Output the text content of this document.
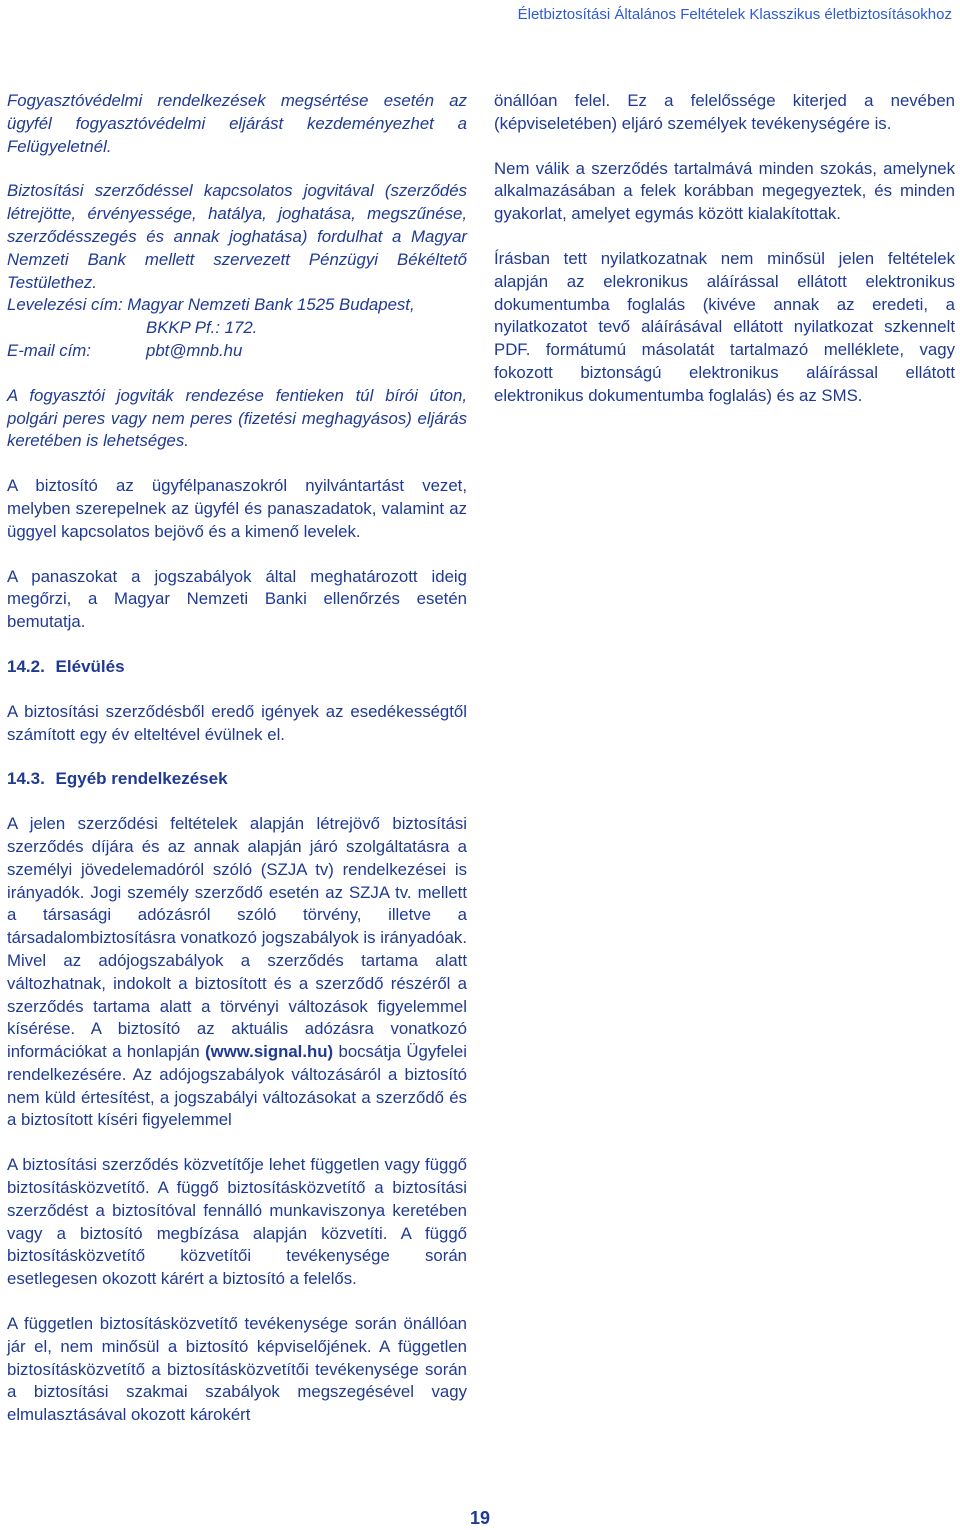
Életbiztosítási Általános Feltételek Klasszikus életbiztosításokhoz

Fogyasztóvédelmi rendelkezések megsértése esetén az ügyfél fogyasztóvédelmi eljárást kezdeményezhet a Felügyeletnél.

Biztosítási szerződéssel kapcsolatos jogvitával (szerződés létrejötte, érvényessége, hatálya, joghatása, megszűnése, szerződésszegés és annak joghatása) fordulhat a Magyar Nemzeti Bank mellett szervezett Pénzügyi Békéltető Testülethez.

Levelezési cím: Magyar Nemzeti Bank 1525 Budapest,

BKKP Pf.: 172.

E-mail cím:	pbt@mnb.hu

A fogyasztói jogviták rendezése fentieken túl bírói úton, polgári peres vagy nem peres (fizetési meghagyásos) eljárás keretében is lehetséges.

A biztosító az ügyfélpanaszokról nyilvántartást vezet, melyben szerepelnek az ügyfél és panaszadatok, valamint az üggyel kapcsolatos bejövő és a kimenő levelek.

A panaszokat a jogszabályok által meghatározott ideig megőrzi, a Magyar Nemzeti Banki ellenőrzés esetén bemutatja.

14.2. Elévülés

A biztosítási szerződésből eredő igények az esedékességtől számított egy év elteltével évülnek el.

14.3. Egyéb rendelkezések

A jelen szerződési feltételek alapján létrejövő biztosítási szerződés díjára és az annak alapján járó szolgáltatásra a személyi jövedelemadóról szóló (SZJA tv) rendelkezései is irányadók. Jogi személy szerződő esetén az SZJA tv. mellett a társasági adózásról szóló törvény, illetve a társadalombiztosításra vonatkozó jogszabályok is irányadóak. Mivel az adójogszabályok a szerződés tartama alatt változhatnak, indokolt a biztosított és a szerződő részéről a szerződés tartama alatt a törvényi változások figyelemmel kísérése. A biztosító az aktuális adózásra vonatkozó információkat a honlapján (www.signal.hu) bocsátja Ügyfelei rendelkezésére. Az adójogszabályok változásáról a biztosító nem küld értesítést, a jogszabályi változásokat a szerződő és a biztosított kíséri figyelemmel

A biztosítási szerződés közvetítője lehet független vagy függő biztosításközvetítő. A függő biztosításközvetítő a biztosítási szerződést a biztosítóval fennálló munkaviszonya keretében vagy a biztosító megbízása alapján közvetíti. A függő biztosításközvetítő közvetítői tevékenysége során esetlegesen okozott kárért a biztosító a felelős.

A független biztosításközvetítő tevékenysége során önállóan jár el, nem minősül a biztosító képviselőjének. A független biztosításközvetítő a biztosításközvetítői tevékenysége során a biztosítási szakmai szabályok megszegésével vagy elmulasztásával okozott károkért

önállóan felel. Ez a felelőssége kiterjed a nevében (képviseletében) eljáró személyek tevékenységére is.

Nem válik a szerződés tartalmává minden szokás, amelynek alkalmazásában a felek korábban megegyeztek, és minden gyakorlat, amelyet egymás között kialakítottak.

Írásban tett nyilatkozatnak nem minősül jelen feltételek alapján az elekronikus aláírással ellátott elektronikus dokumentumba foglalás (kivéve annak az eredeti, a nyilatkozatot tevő aláírásával ellátott nyilatkozat szkennelt PDF. formátumú másolatát tartalmazó melléklete, vagy fokozott biztonságú elektronikus aláírással ellátott elektronikus dokumentumba foglalás) és az SMS.

19
